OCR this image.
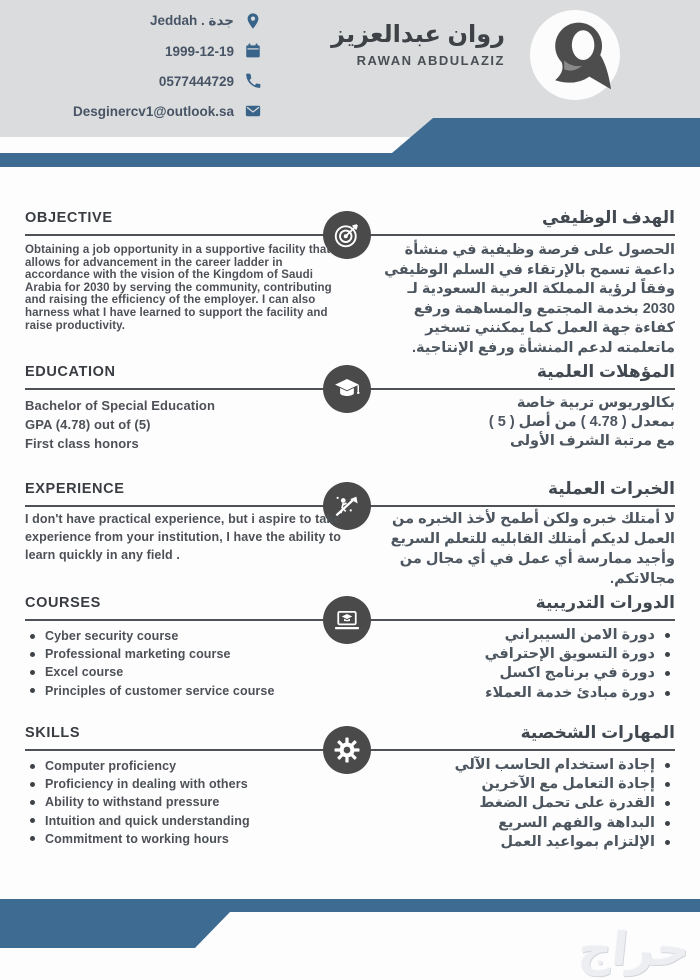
جدة . Jeddah
1999-12-19
0577444729
Desginercv1@outlook.sa
روان عبدالعزيز
RAWAN ABDULAZIZ
OBJECTIVE	الهدف الوظيفي
Obtaining a job opportunity in a supportive facility that allows for advancement in the career ladder in accordance with the vision of the Kingdom of Saudi Arabia for 2030 by serving the community, contributing and raising the efficiency of the employer. I can also harness what I have learned to support the facility and raise productivity.
الحصول على فرصة وظيفية في منشأة داعمة تسمح بالإرتقاء في السلم الوظيفي وفقاً لرؤية المملكة العربية السعودية لـ 2030 بخدمة المجتمع والمساهمة ورفع كفاءة جهة العمل كما يمكنني تسخير ماتعلمته لدعم المنشأة ورفع الإنتاجية.
EDUCATION	المؤهلات العلمية
Bachelor of Special Education
GPA (4.78) out of (5)
First class honors
بكالوريوس تربية خاصة
بمعدل ( 4.78 ) من أصل ( 5 )
مع مرتبة الشرف الأولى
EXPERIENCE	الخبرات العملية
I don't have practical experience, but i aspire to take experience from your institution, I have the ability to learn quickly in any field .
لا أمتلك خبره ولكن أطمح لأخذ الخبره من العمل لديكم أمتلك القابليه للتعلم السريع وأجيد ممارسة أي عمل في أي مجال من مجالاتكم.
COURSES	الدورات التدريبية
Cyber security course
Professional marketing course
Excel course
Principles of customer service course
دورة الامن السيبراني
دورة التسويق الإحترافي
دورة في برنامج اكسل
دورة مبادئ خدمة العملاء
SKILLS	المهارات الشخصية
Computer proficiency
Proficiency in dealing with others
Ability to withstand pressure
Intuition and quick understanding
Commitment to working hours
إجادة استخدام الحاسب الآلي
إجادة التعامل مع الآخرين
القدرة على تحمل الضغط
البداهة والفهم السريع
الإلتزام بمواعيد العمل
حراج
